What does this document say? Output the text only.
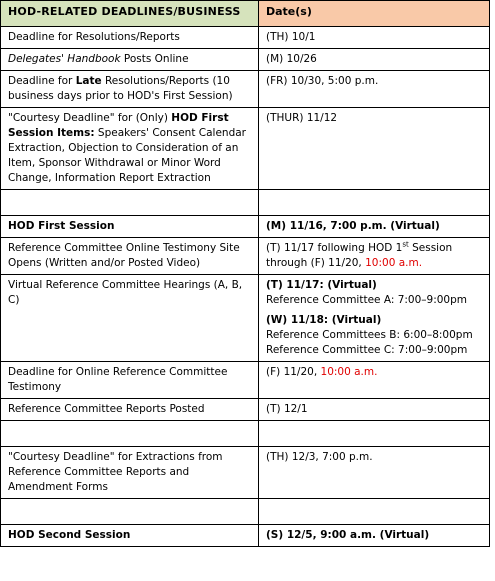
HOD-RELATED DEADLINES/BUSINESS	Date(s)
Deadline for Resolutions/Reports	(TH) 10/1
Delegates' Handbook Posts Online	(M) 10/26
Deadline for Late Resolutions/Reports (10 business days prior to HOD's First Session)	(FR) 10/30, 5:00 p.m.
"Courtesy Deadline" for (Only) HOD First Session Items: Speakers' Consent Calendar Extraction, Objection to Consideration of an Item, Sponsor Withdrawal or Minor Word Change, Information Report Extraction	(THUR) 11/12

HOD First Session	(M) 11/16, 7:00 p.m. (Virtual)
Reference Committee Online Testimony Site Opens (Written and/or Posted Video)	(T) 11/17 following HOD 1st Session through (F) 11/20, 10:00 a.m.
Virtual Reference Committee Hearings (A, B, C)	(T) 11/17: (Virtual)
Reference Committee A: 7:00–9:00pm
(W) 11/18: (Virtual)
Reference Committees B: 6:00–8:00pm
Reference Committee C: 7:00–9:00pm

Deadline for Online Reference Committee Testimony	(F) 11/20, 10:00 a.m.
Reference Committee Reports Posted	(T) 12/1

"Courtesy Deadline" for Extractions from Reference Committee Reports and Amendment Forms	(TH) 12/3, 7:00 p.m.

HOD Second Session	(S) 12/5, 9:00 a.m. (Virtual)
